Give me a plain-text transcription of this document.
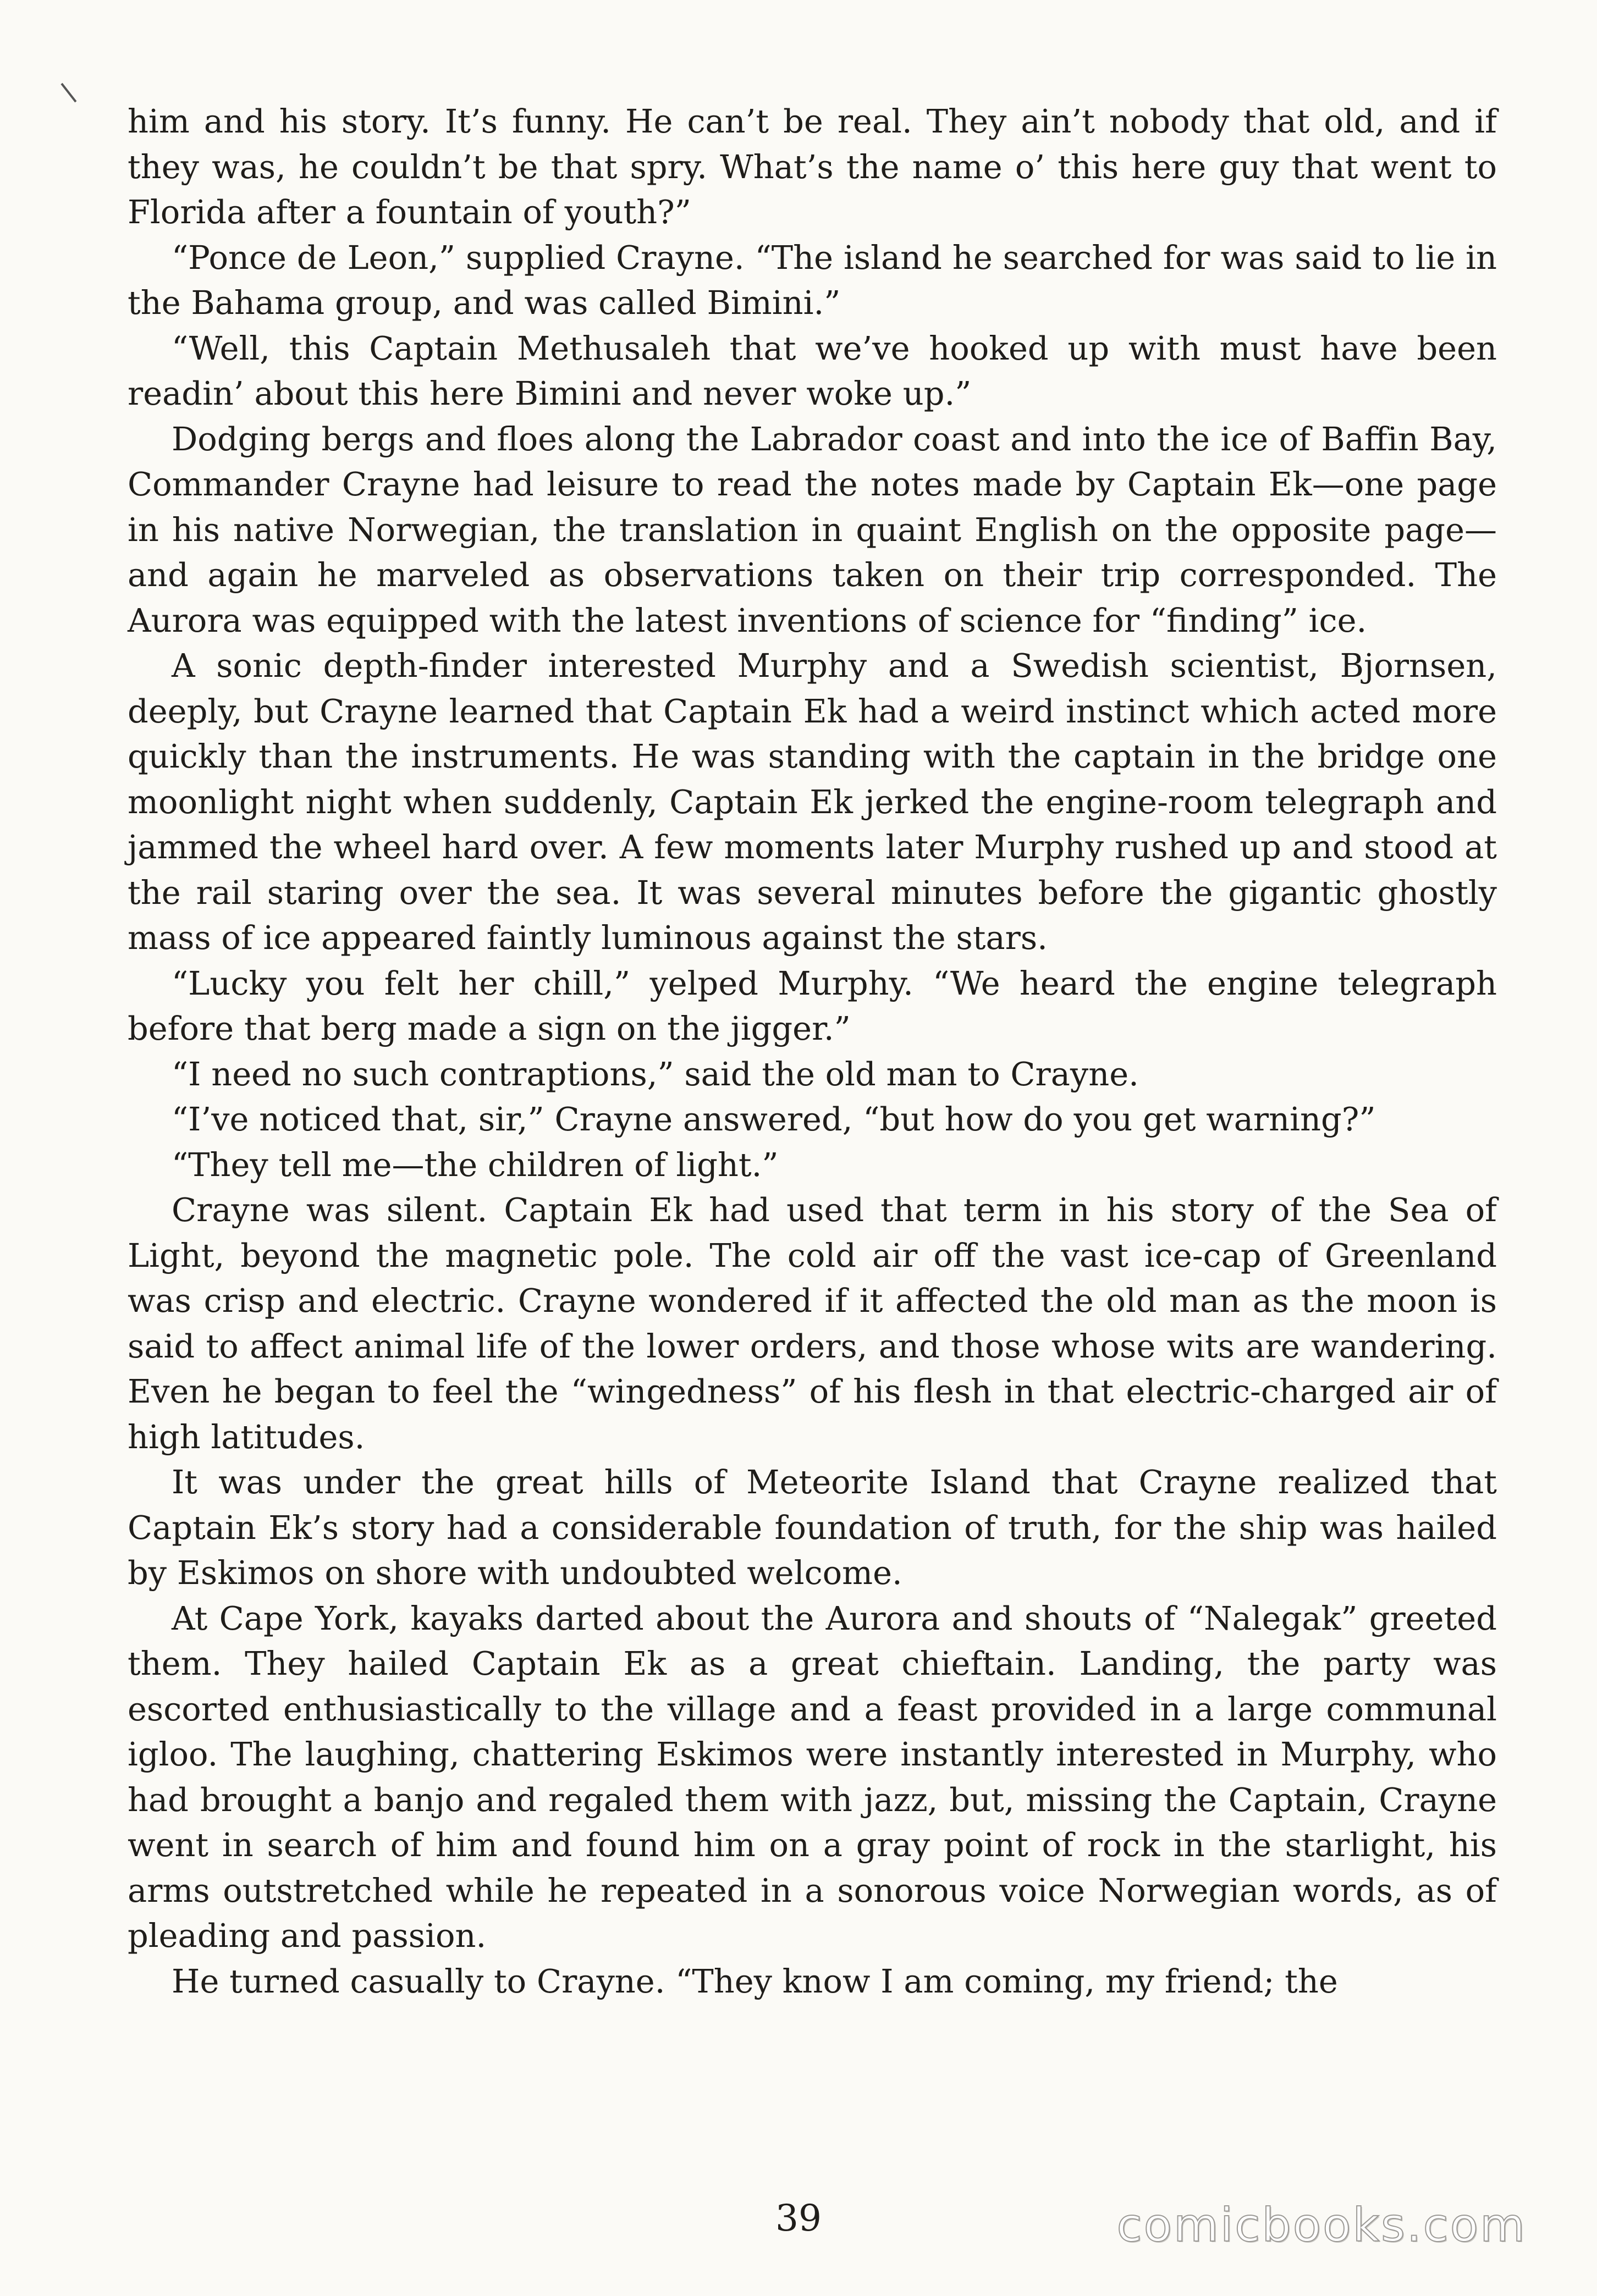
him and his story. It’s funny. He can’t be real. They ain’t nobody that old, and if they was, he couldn’t be that spry. What’s the name o’ this here guy that went to Florida after a fountain of youth?”

“Ponce de Leon,” supplied Crayne. “The island he searched for was said to lie in the Bahama group, and was called Bimini.”

“Well, this Captain Methusaleh that we’ve hooked up with must have been readin’ about this here Bimini and never woke up.”

Dodging bergs and floes along the Labrador coast and into the ice of Baffin Bay, Commander Crayne had leisure to read the notes made by Captain Ek—one page in his native Norwegian, the translation in quaint English on the opposite page—and again he marveled as observations taken on their trip corresponded. The Aurora was equipped with the latest inventions of science for “finding” ice.

A sonic depth-finder interested Murphy and a Swedish scientist, Bjornsen, deeply, but Crayne learned that Captain Ek had a weird instinct which acted more quickly than the instruments. He was standing with the captain in the bridge one moonlight night when suddenly, Captain Ek jerked the engine-room telegraph and jammed the wheel hard over. A few moments later Murphy rushed up and stood at the rail staring over the sea. It was several minutes before the gigantic ghostly mass of ice appeared faintly luminous against the stars.

“Lucky you felt her chill,” yelped Murphy. “We heard the engine telegraph before that berg made a sign on the jigger.”

“I need no such contraptions,” said the old man to Crayne.

“I’ve noticed that, sir,” Crayne answered, “but how do you get warning?”

“They tell me—the children of light.”

Crayne was silent. Captain Ek had used that term in his story of the Sea of Light, beyond the magnetic pole. The cold air off the vast ice-cap of Greenland was crisp and electric. Crayne wondered if it affected the old man as the moon is said to affect animal life of the lower orders, and those whose wits are wandering. Even he began to feel the “wingedness” of his flesh in that electric-charged air of high latitudes.

It was under the great hills of Meteorite Island that Crayne realized that Captain Ek’s story had a considerable foundation of truth, for the ship was hailed by Eskimos on shore with undoubted welcome.

At Cape York, kayaks darted about the Aurora and shouts of “Nalegak” greeted them. They hailed Captain Ek as a great chieftain. Landing, the party was escorted enthusiastically to the village and a feast provided in a large communal igloo. The laughing, chattering Eskimos were instantly interested in Murphy, who had brought a banjo and regaled them with jazz, but, missing the Captain, Crayne went in search of him and found him on a gray point of rock in the starlight, his arms outstretched while he repeated in a sonorous voice Norwegian words, as of pleading and passion.

He turned casually to Crayne. “They know I am coming, my friend; the

39	comicbooks.com
